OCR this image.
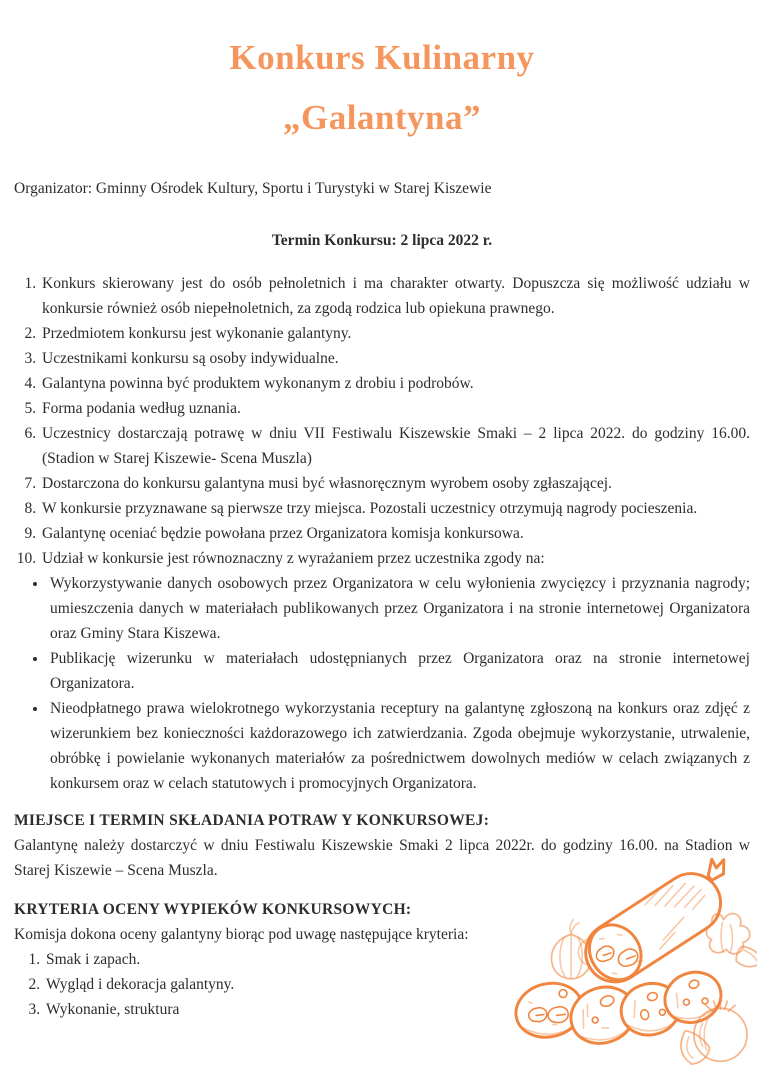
Konkurs Kulinarny
„Galantyna”

Organizator: Gminny Ośrodek Kultury, Sportu i Turystyki w Starej Kiszewie

Termin Konkursu: 2 lipca 2022 r.

1. Konkurs skierowany jest do osób pełnoletnich i ma charakter otwarty. Dopuszcza się możliwość udziału w konkursie również osób niepełnoletnich, za zgodą rodzica lub opiekuna prawnego.
2. Przedmiotem konkursu jest wykonanie galantyny.
3. Uczestnikami konkursu są osoby indywidualne.
4. Galantyna powinna być produktem wykonanym z drobiu i podrobów.
5. Forma podania według uznania.
6. Uczestnicy dostarczają potrawę w dniu VII Festiwalu Kiszewskie Smaki – 2 lipca 2022. do godziny 16.00. (Stadion w Starej Kiszewie- Scena Muszla)
7. Dostarczona do konkursu galantyna musi być własnoręcznym wyrobem osoby zgłaszającej.
8. W konkursie przyznawane są pierwsze trzy miejsca. Pozostali uczestnicy otrzymują nagrody pocieszenia.
9. Galantynę oceniać będzie powołana przez Organizatora komisja konkursowa.
10. Udział w konkursie jest równoznaczny z wyrażaniem przez uczestnika zgody na:
• Wykorzystywanie danych osobowych przez Organizatora w celu wyłonienia zwycięzcy i przyznania nagrody; umieszczenia danych w materiałach publikowanych przez Organizatora i na stronie internetowej Organizatora oraz Gminy Stara Kiszewa.
• Publikację wizerunku w materiałach udostępnianych przez Organizatora oraz na stronie internetowej Organizatora.
• Nieodpłatnego prawa wielokrotnego wykorzystania receptury na galantynę zgłoszoną na konkurs oraz zdjęć z wizerunkiem bez konieczności każdorazowego ich zatwierdzania. Zgoda obejmuje wykorzystanie, utrwalenie, obróbkę i powielanie wykonanych materiałów za pośrednictwem dowolnych mediów w celach związanych z konkursem oraz w celach statutowych i promocyjnych Organizatora.
MIEJSCE I TERMIN SKŁADANIA POTRAW Y KONKURSOWEJ:

Galantynę należy dostarczyć w dniu Festiwalu Kiszewskie Smaki 2 lipca 2022r. do godziny 16.00. na Stadion w Starej Kiszewie – Scena Muszla.

KRYTERIA OCENY WYPIEKÓW KONKURSOWYCH:

Komisja dokona oceny galantyny biorąc pod uwagę następujące kryteria:

1. Smak i zapach.
2. Wygląd i dekoracja galantyny.
3. Wykonanie, struktura
